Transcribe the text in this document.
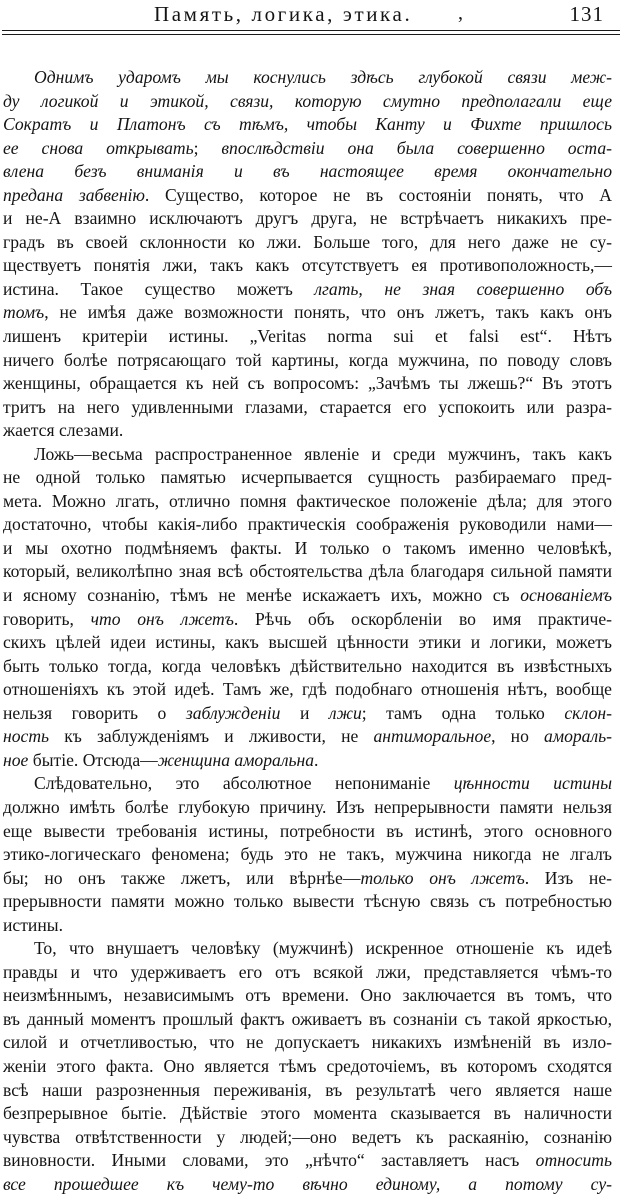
Память, логика, этика. ,	131
Однимъ ударомъ мы коснулись здѣсь глубокой связи меж-
ду логикой и этикой, связи, которую смутно предполагали еще
Сократъ и Платонъ съ тѣмъ, чтобы Канту и Фихте пришлось
ее снова открывать; впослѣдствіи она была совершенно оста-
влена безъ вниманія и въ настоящее время окончательно
предана забвенію. Существо, которое не въ состояніи понять, что А
и не-А взаимно исключаютъ другъ друга, не встрѣчаетъ никакихъ пре-
градъ въ своей склонности ко лжи. Больше того, для него даже не су-
ществуетъ понятія лжи, такъ какъ отсутствуетъ ея противоположность,—
истина. Такое существо можетъ лгать, не зная совершенно объ
томъ, не имѣя даже возможности понять, что онъ лжетъ, такъ какъ онъ
лишенъ критеріи истины. „Veritas norma sui et falsi est“. Нѣтъ
ничего болѣе потрясающаго той картины, когда мужчина, по поводу словъ
женщины, обращается къ ней съ вопросомъ: „Зачѣмъ ты лжешь?“ Въ этотъ
тритъ на него удивленными глазами, старается его успокоить или разра-
жается слезами.
Ложь—весьма распространенное явленіе и среди мужчинъ, такъ какъ
не одной только памятью исчерпывается сущность разбираемаго пред-
мета. Можно лгать, отлично помня фактическое положеніе дѣла; для этого
достаточно, чтобы какія-либо практическія соображенія руководили нами—
и мы охотно подмѣняемъ факты. И только о такомъ именно человѣкѣ,
который, великолѣпно зная всѣ обстоятельства дѣла благодаря сильной памяти
и ясному сознанію, тѣмъ не менѣе искажаетъ ихъ, можно съ основаніемъ
говорить, что онъ лжетъ. Рѣчь объ оскорбленіи во имя практиче-
скихъ цѣлей идеи истины, какъ высшей цѣнности этики и логики, можетъ
быть только тогда, когда человѣкъ дѣйствительно находится въ извѣстныхъ
отношеніяхъ къ этой идеѣ. Тамъ же, гдѣ подобнаго отношенія нѣтъ, вообще
нельзя говорить о заблужденіи и лжи; тамъ одна только склон-
ность къ заблужденіямъ и лживости, не антиморальное, но амораль-
ное бытіе. Отсюда—женщина аморальна.
Слѣдовательно, это абсолютное непониманіе цѣнности истины
должно имѣть болѣе глубокую причину. Изъ непрерывности памяти нельзя
еще вывести требованія истины, потребности въ истинѣ, этого основного
этико-логическаго феномена; будь это не такъ, мужчина никогда не лгалъ
бы; но онъ также лжетъ, или вѣрнѣе—только онъ лжетъ. Изъ не-
прерывности памяти можно только вывести тѣсную связь съ потребностью
истины.
То, что внушаетъ человѣку (мужчинѣ) искренное отношеніе къ идеѣ
правды и что удерживаетъ его отъ всякой лжи, представляется чѣмъ-то
неизмѣннымъ, независимымъ отъ времени. Оно заключается въ томъ, что
въ данный моментъ прошлый фактъ оживаетъ въ сознаніи съ такой яркостью,
силой и отчетливостью, что не допускаетъ никакихъ измѣненій въ изло-
женіи этого факта. Оно является тѣмъ средоточіемъ, въ которомъ сходятся
всѣ наши разрозненныя переживанія, въ результатѣ чего является наше
безпрерывное бытіе. Дѣйствіе этого момента сказывается въ наличности
чувства отвѣтственности у людей;—оно ведетъ къ раскаянію, сознанію
виновности. Иными словами, это „нѣчто“ заставляетъ насъ относить
все прошедшее къ чему-то вѣчно единому, а потому су-
